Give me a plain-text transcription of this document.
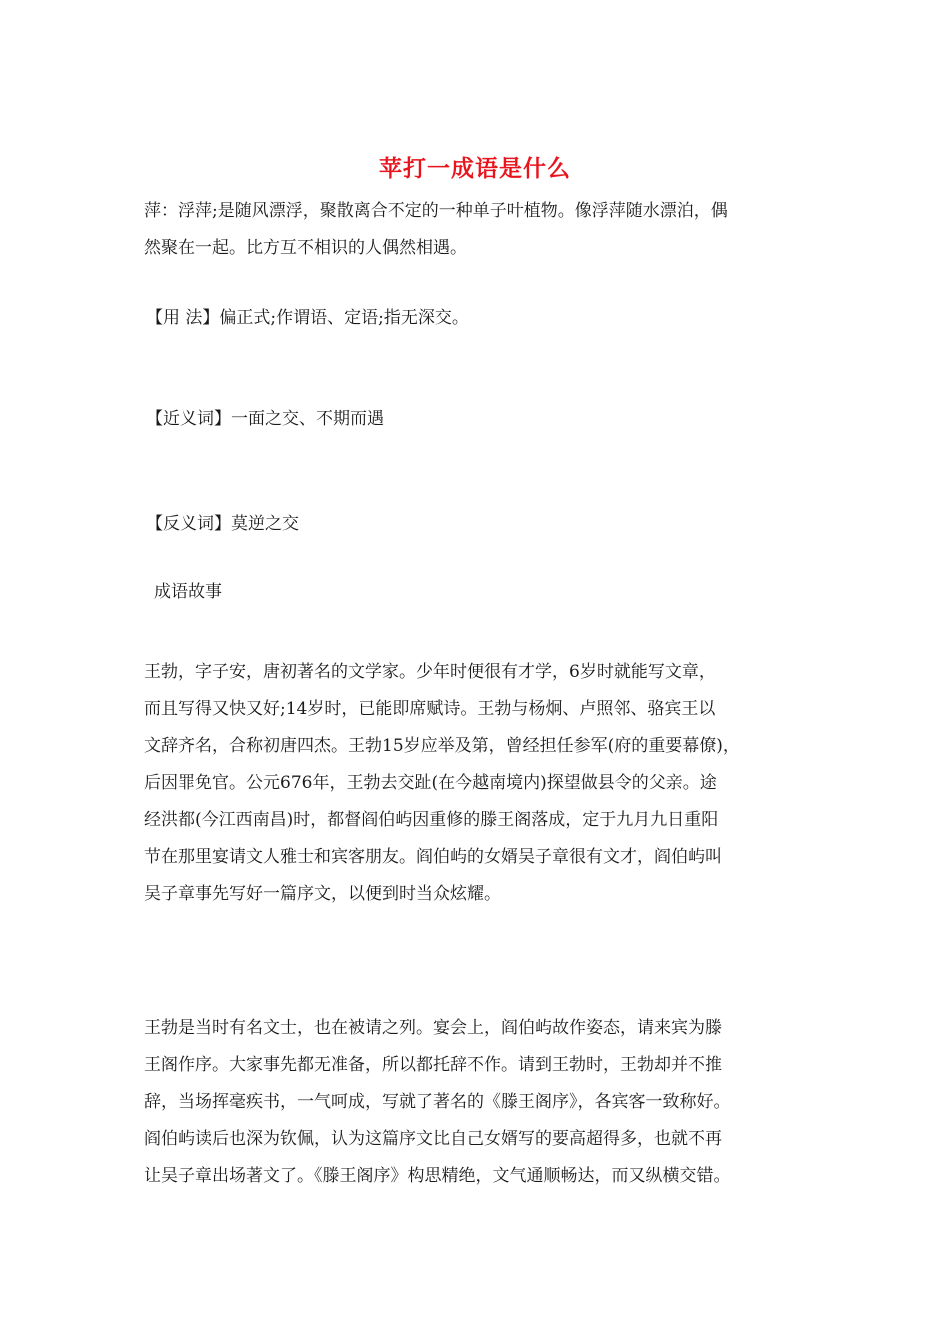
苹打一成语是什么
萍：浮萍;是随风漂浮，聚散离合不定的一种单子叶植物。像浮萍随水漂泊，偶
然聚在一起。比方互不相识的人偶然相遇。
【用 法】偏正式;作谓语、定语;指无深交。
【近义词】一面之交、不期而遇
【反义词】莫逆之交
成语故事
王勃，字子安，唐初著名的文学家。少年时便很有才学，6岁时就能写文章，
而且写得又快又好;14岁时，已能即席赋诗。王勃与杨炯、卢照邻、骆宾王以
文辞齐名，合称初唐四杰。王勃15岁应举及第，曾经担任参军(府的重要幕僚)，
后因罪免官。公元676年，王勃去交趾(在今越南境内)探望做县令的父亲。途
经洪都(今江西南昌)时，都督阎伯屿因重修的滕王阁落成，定于九月九日重阳
节在那里宴请文人雅士和宾客朋友。阎伯屿的女婿吴子章很有文才，阎伯屿叫
吴子章事先写好一篇序文，以便到时当众炫耀。
王勃是当时有名文士，也在被请之列。宴会上，阎伯屿故作姿态，请来宾为滕
王阁作序。大家事先都无准备，所以都托辞不作。请到王勃时，王勃却并不推
辞，当场挥毫疾书，一气呵成，写就了著名的《滕王阁序》，各宾客一致称好。
阎伯屿读后也深为钦佩，认为这篇序文比自己女婿写的要高超得多，也就不再
让吴子章出场著文了。《滕王阁序》构思精绝，文气通顺畅达，而又纵横交错。
